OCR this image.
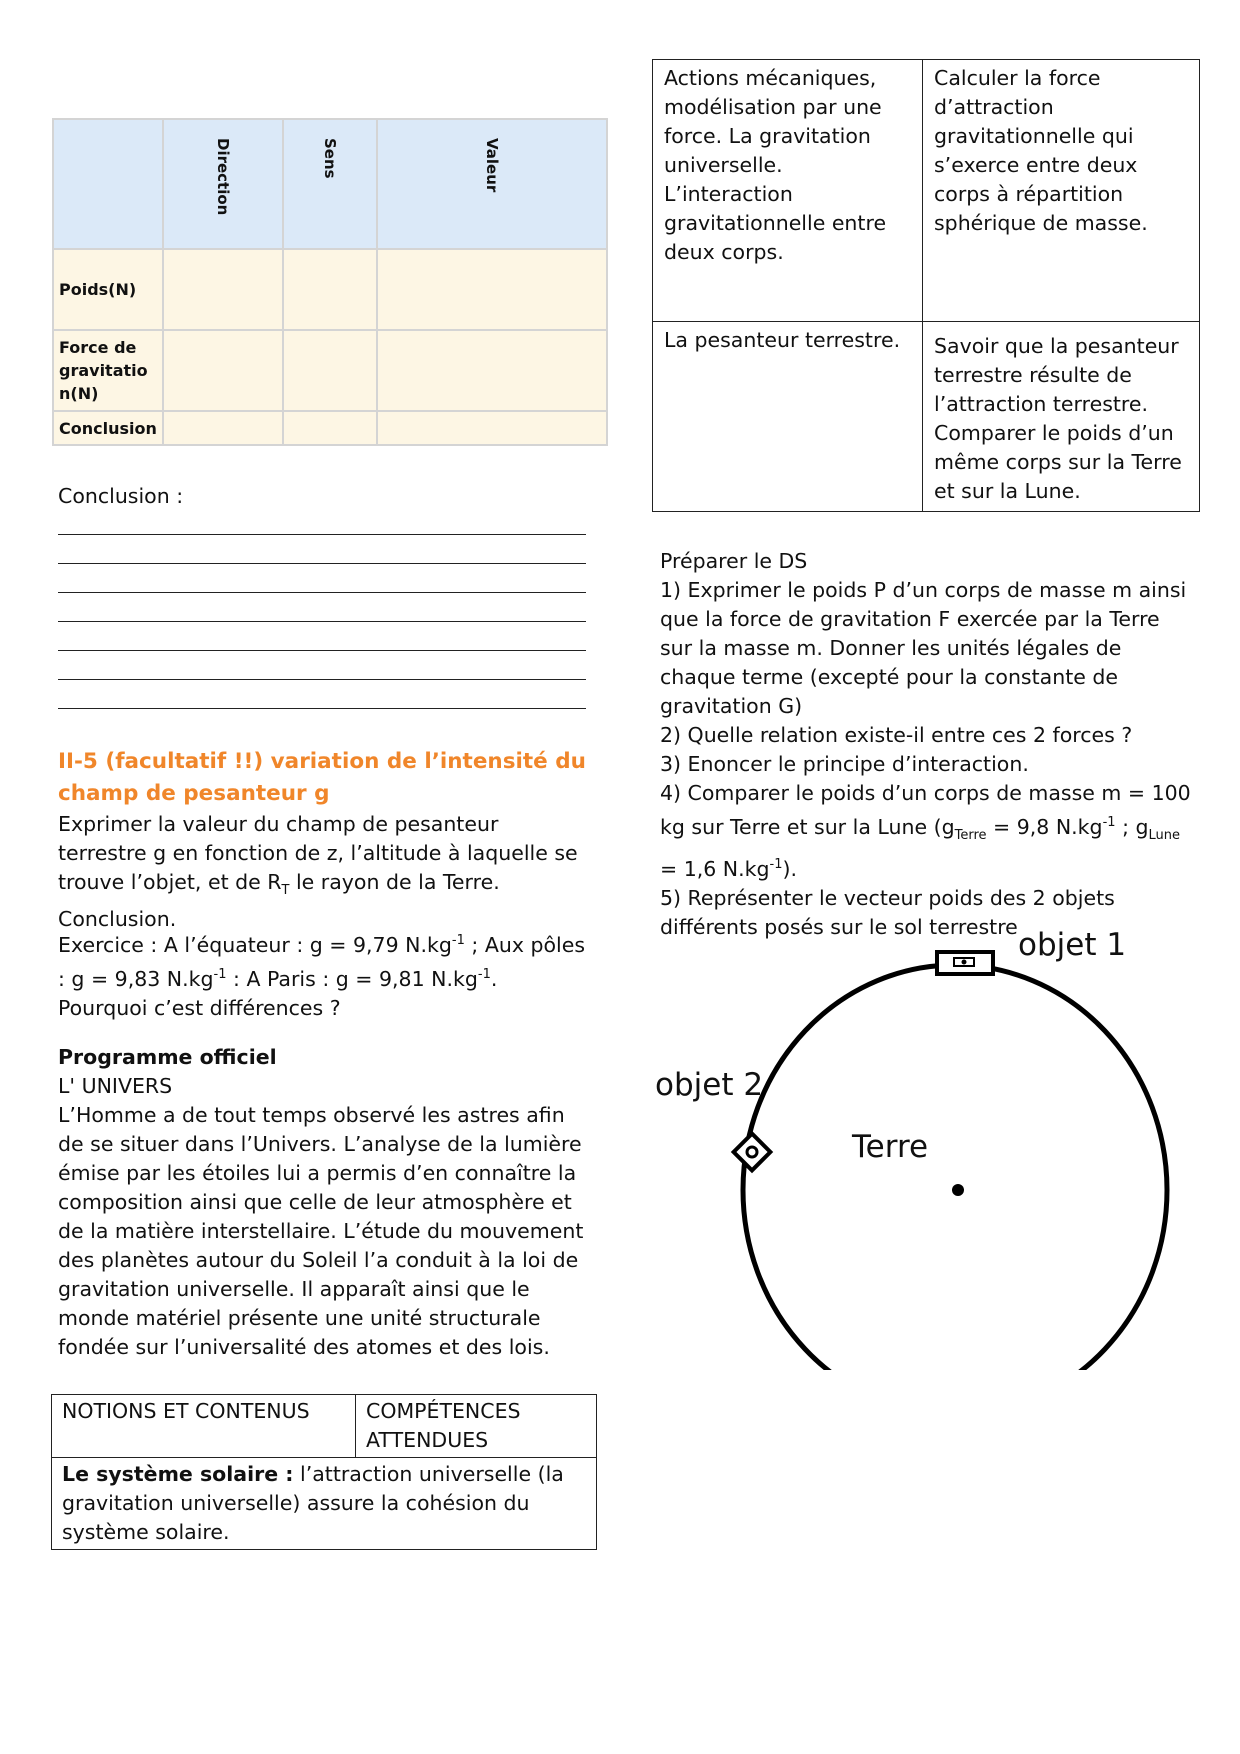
	Direction	Sens	Valeur

Poids(N)			
Force de gravitatio n(N)			
Conclusion			
Conclusion :
II-5 (facultatif !!) variation de l’intensité du champ de pesanteur g
Exprimer la valeur du champ de pesanteur terrestre g en fonction de z, l’altitude à laquelle se trouve l’objet, et de $R_T$ le rayon de la Terre. Conclusion.
Exercice : A l’équateur : g = 9,79 $N.kg^{-1}$ ; Aux pôles : g = 9,83 $N.kg^{-1}$ : A Paris : g = 9,81 $N.kg^{-1}$. Pourquoi c’est différences ?
Programme officiel
L' UNIVERS
L’Homme a de tout temps observé les astres afin de se situer dans l’Univers. L’analyse de la lumière émise par les étoiles lui a permis d’en connaître la composition ainsi que celle de leur atmosphère et de la matière interstellaire. L’étude du mouvement des planètes autour du Soleil l’a conduit à la loi de gravitation universelle. Il apparaît ainsi que le monde matériel présente une unité structurale fondée sur l’universalité des atomes et des lois.
NOTIONS ET CONTENUS	COMPÉTENCES ATTENDUES
Le système solaire : l’attraction universelle (la gravitation universelle) assure la cohésion du système solaire.
Actions mécaniques, modélisation par une force. La gravitation universelle. L’interaction gravitationnelle entre deux corps.	Calculer la force d’attraction gravitationnelle qui s’exerce entre deux corps à répartition sphérique de masse.
La pesanteur terrestre.	Savoir que la pesanteur terrestre résulte de l’attraction terrestre. Comparer le poids d’un même corps sur la Terre et sur la Lune.
Préparer le DS
1) Exprimer le poids P d’un corps de masse m ainsi que la force de gravitation F exercée par la Terre sur la masse m. Donner les unités légales de chaque terme (excepté pour la constante de gravitation G)
2) Quelle relation existe-il entre ces 2 forces ?
3) Enoncer le principe d’interaction.
4) Comparer le poids d’un corps de masse m = 100 kg sur Terre et sur la Lune ($g_{Terre} = 9,8$ $N.kg^{-1}$ ; $g_{Lune} = 1,6$ $N.kg^{-1}$).
5) Représenter le vecteur poids des 2 objets différents posés sur le sol terrestre
objet 1
objet 2
Terre
